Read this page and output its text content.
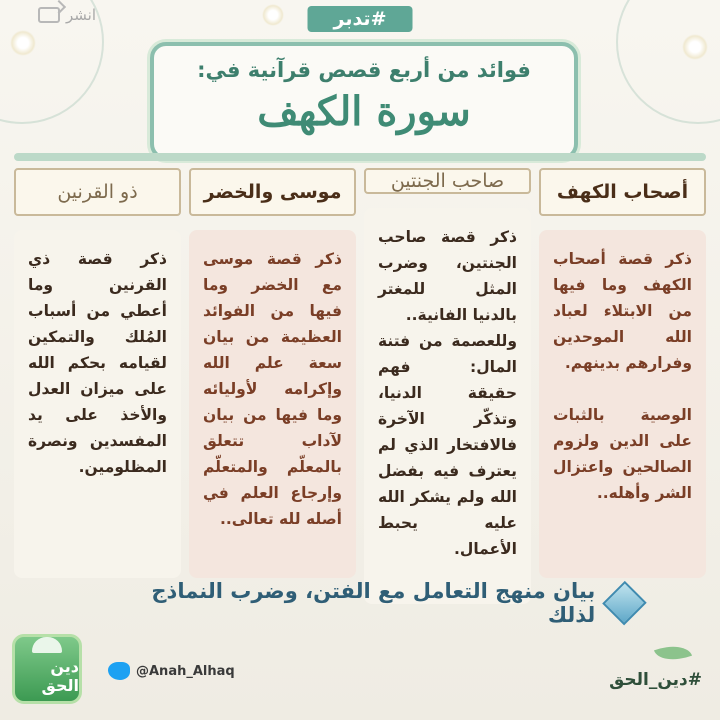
انشر	#تدبر
فوائد من أربع قصص قرآنية في:
سورة الكهف
أصحاب الكهف

ذكر قصة أصحاب الكهف وما فيها من الابتلاء لعباد الله الموحدين وفرارهم بدينهم.

الوصية بالثبات على الدين ولزوم الصالحين واعتزال الشر وأهله..

صاحب الجنتين

ذكر قصة صاحب الجنتين، وضرب المثل للمغتر بالدنيا الفانية..

وللعصمة من فتنة المال: فهم حقيقة الدنيا، وتذكّر الآخرة فالافتخار الذي لم يعترف فيه بفضل الله ولم يشكر الله عليه يحبط الأعمال.

موسى والخضر

ذكر قصة موسى مع الخضر وما فيها من الفوائد العظيمة من بيان سعة علم الله وإكرامه لأوليائه وما فيها من بيان لآداب تتعلق بالمعلّم والمتعلّم وإرجاع العلم في أصله لله تعالى..

ذو القرنين

ذكر قصة ذي القرنين وما أعطي من أسباب المُلك والتمكين لقيامه بحكم الله على ميزان العدل والأخذ على يد المفسدين ونصرة المظلومين.

بيان منهج التعامل مع الفتن، وضرب النماذج لذلك
دين الحق
@Anah_Alhaq	#دين_الحق
